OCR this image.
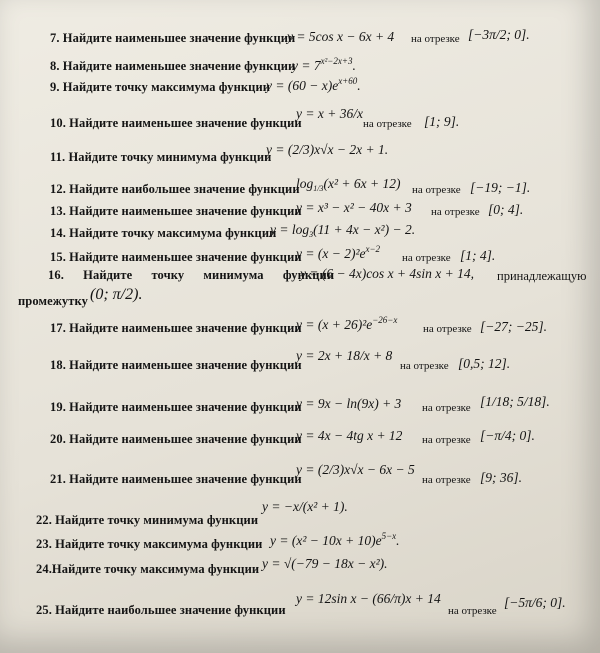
7. Найдите наименьшее значение функции
y = 5cos x − 6x + 4 на отрезке [−3π/2; 0].
8. Найдите наименьшее значение функции
$y = 7^{x^2-2x+3}$.
9. Найдите точку максимума функции
$y = (60 - x)e^{x+60}$.
10. Найдите наименьшее значение функции
y = x + 36/x
на отрезке [1; 9].
11. Найдите точку минимума функции
y = (2/3)x√x − 2x + 1.
12. Найдите наибольшее значение функции
$\log_{1/3}(x^2 + 6x + 12)$ на отрезке [−19; −1].
13. Найдите наименьшее значение функции
y = x³ − x² − 40x + 3 на отрезке [0; 4].
14. Найдите точку максимума функции
$y = \log_3(11 + 4x - x^2) - 2$.
15. Найдите наименьшее значение функции
$y = (x - 2)^2e^{x-2}$
на отрезке [1; 4].
16. Найдите точку минимума функции
y = (6 − 4x)cos x + 4sin x + 14, принадлежащую
промежутку (0; π/2).
17. Найдите наименьшее значение функции
$y = (x + 26)^2e^{-26-x}$
на отрезке [−27; −25].
18. Найдите наименьшее значение функции
y = 2x + 18/x + 8
на отрезке [0,5; 12].
19. Найдите наименьшее значение функции
y = 9x − ln(9x) + 3 на отрезке [1/18; 5/18].
20. Найдите наименьшее значение функции
y = 4x − 4tg x + 12 на отрезке [−π/4; 0].
21. Найдите наименьшее значение функции
y = (2/3)x√x − 6x − 5
на отрезке [9; 36].
22. Найдите точку минимума функции
y = −x/(x² + 1).
23. Найдите точку максимума функции $y = (x^2 - 10x + 10)e^{5-x}$.
24.Найдите точку максимума функции y = √(−79 − 18x − x²).
25. Найдите наибольшее значение функции
y = 12sin x − (66/π)x + 14
на отрезке
[−5π/6; 0].
